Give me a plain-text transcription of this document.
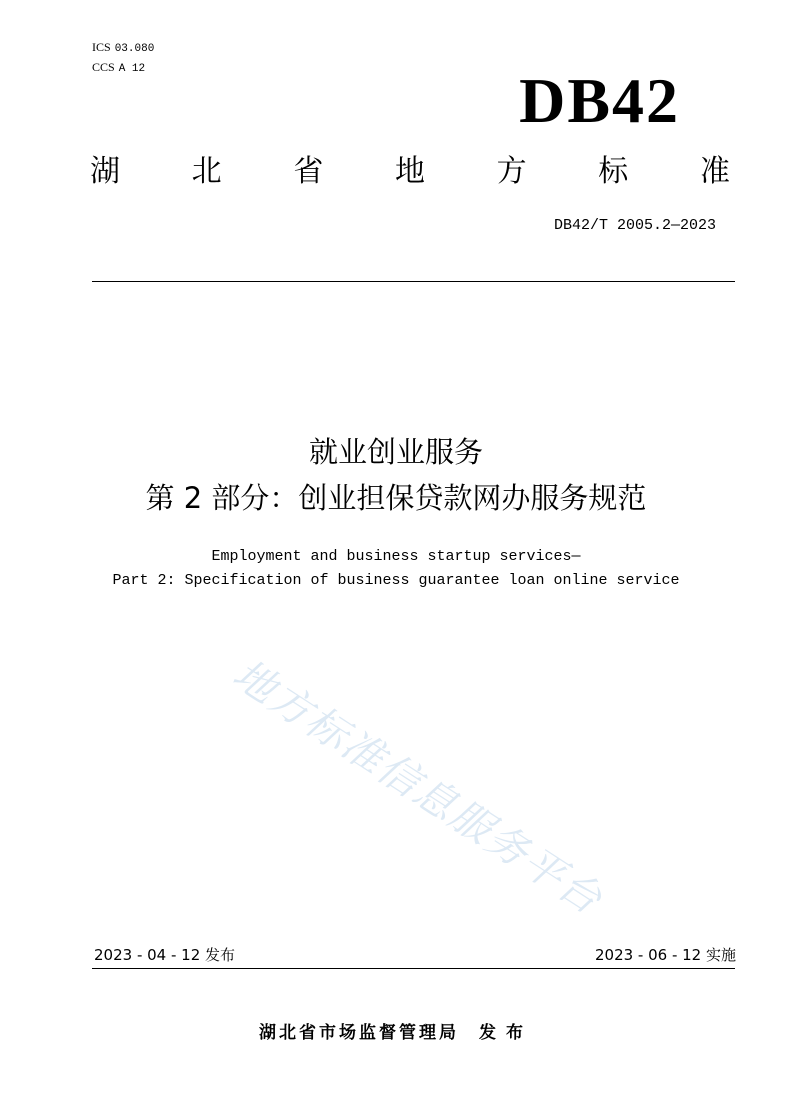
ICS 03.080
CCS A 12	DB42
湖 北 省 地 方 标 准
DB42/T 2005.2—2023
就业创业服务
第 2 部分：创业担保贷款网办服务规范
Employment and business startup services—
Part 2: Specification of business guarantee loan online service
地方标准信息服务平台
2023 - 04 - 12 发布	2023 - 06 - 12 实施
湖北省市场监督管理局 发布
